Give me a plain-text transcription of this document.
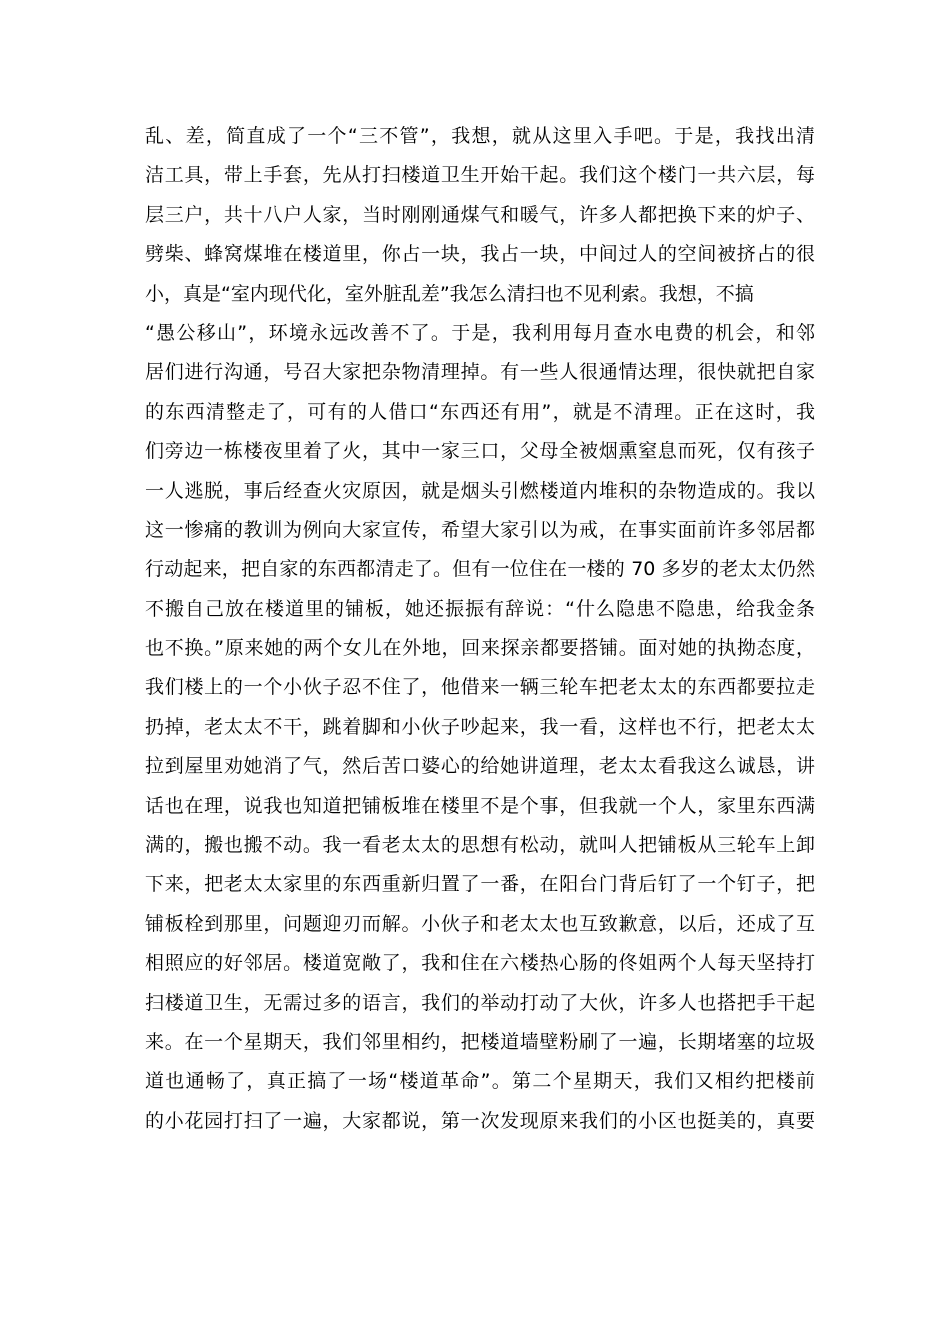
乱、差，简直成了一个“三不管”，我想，就从这里入手吧。于是，我找出清
洁工具，带上手套，先从打扫楼道卫生开始干起。我们这个楼门一共六层，每
层三户，共十八户人家，当时刚刚通煤气和暖气，许多人都把换下来的炉子、
劈柴、蜂窝煤堆在楼道里，你占一块，我占一块，中间过人的空间被挤占的很
小，真是“室内现代化，室外脏乱差”我怎么清扫也不见利索。我想，不搞
“愚公移山”，环境永远改善不了。于是，我利用每月查水电费的机会，和邻
居们进行沟通，号召大家把杂物清理掉。有一些人很通情达理，很快就把自家
的东西清整走了，可有的人借口“东西还有用”，就是不清理。正在这时，我
们旁边一栋楼夜里着了火，其中一家三口，父母全被烟熏窒息而死，仅有孩子
一人逃脱，事后经查火灾原因，就是烟头引燃楼道内堆积的杂物造成的。我以
这一惨痛的教训为例向大家宣传，希望大家引以为戒，在事实面前许多邻居都
行动起来，把自家的东西都清走了。但有一位住在一楼的 70 多岁的老太太仍然
不搬自己放在楼道里的铺板，她还振振有辞说：“什么隐患不隐患，给我金条
也不换。”原来她的两个女儿在外地，回来探亲都要搭铺。面对她的执拗态度，
我们楼上的一个小伙子忍不住了，他借来一辆三轮车把老太太的东西都要拉走
扔掉，老太太不干，跳着脚和小伙子吵起来，我一看，这样也不行，把老太太
拉到屋里劝她消了气，然后苦口婆心的给她讲道理，老太太看我这么诚恳，讲
话也在理，说我也知道把铺板堆在楼里不是个事，但我就一个人，家里东西满
满的，搬也搬不动。我一看老太太的思想有松动，就叫人把铺板从三轮车上卸
下来，把老太太家里的东西重新归置了一番，在阳台门背后钉了一个钉子，把
铺板栓到那里，问题迎刃而解。小伙子和老太太也互致歉意，以后，还成了互
相照应的好邻居。楼道宽敞了，我和住在六楼热心肠的佟姐两个人每天坚持打
扫楼道卫生，无需过多的语言，我们的举动打动了大伙，许多人也搭把手干起
来。在一个星期天，我们邻里相约，把楼道墙壁粉刷了一遍，长期堵塞的垃圾
道也通畅了，真正搞了一场“楼道革命”。第二个星期天，我们又相约把楼前
的小花园打扫了一遍，大家都说，第一次发现原来我们的小区也挺美的，真要
